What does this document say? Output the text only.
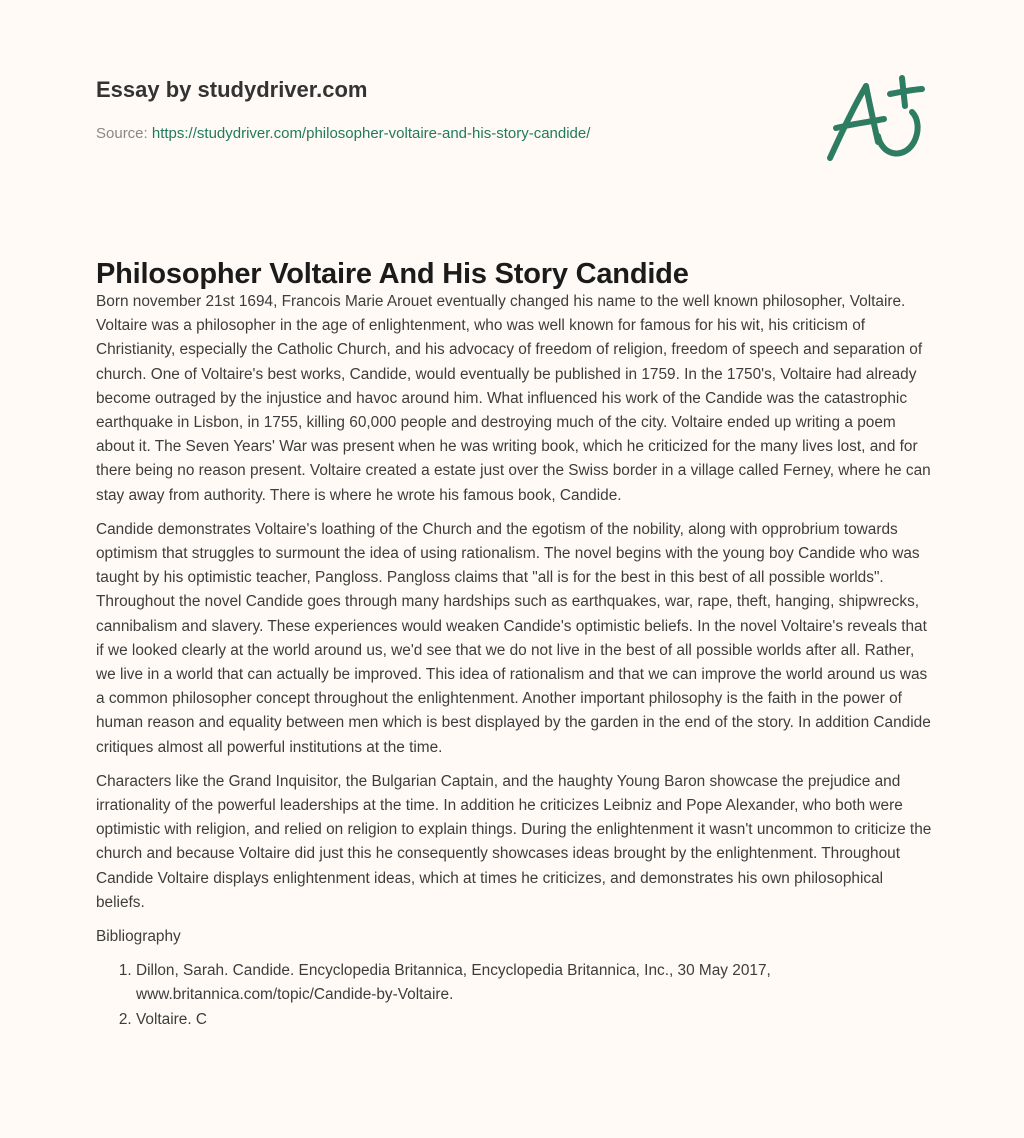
Essay by studydriver.com
Source: https://studydriver.com/philosopher-voltaire-and-his-story-candide/
Philosopher Voltaire And His Story Candide

Born november 21st 1694, Francois Marie Arouet eventually changed his name to the well known philosopher, Voltaire. Voltaire was a philosopher in the age of enlightenment, who was well known for famous for his wit, his criticism of Christianity, especially the Catholic Church, and his advocacy of freedom of religion, freedom of speech and separation of church. One of Voltaire's best works, Candide, would eventually be published in 1759. In the 1750's, Voltaire had already become outraged by the injustice and havoc around him. What influenced his work of the Candide was the catastrophic earthquake in Lisbon, in 1755, killing 60,000 people and destroying much of the city. Voltaire ended up writing a poem about it. The Seven Years' War was present when he was writing book, which he criticized for the many lives lost, and for there being no reason present. Voltaire created a estate just over the Swiss border in a village called Ferney, where he can stay away from authority. There is where he wrote his famous book, Candide.

Candide demonstrates Voltaire's loathing of the Church and the egotism of the nobility, along with opprobrium towards optimism that struggles to surmount the idea of using rationalism. The novel begins with the young boy Candide who was taught by his optimistic teacher, Pangloss. Pangloss claims that "all is for the best in this best of all possible worlds". Throughout the novel Candide goes through many hardships such as earthquakes, war, rape, theft, hanging, shipwrecks, cannibalism and slavery. These experiences would weaken Candide's optimistic beliefs. In the novel Voltaire's reveals that if we looked clearly at the world around us, we'd see that we do not live in the best of all possible worlds after all. Rather, we live in a world that can actually be improved. This idea of rationalism and that we can improve the world around us was a common philosopher concept throughout the enlightenment. Another important philosophy is the faith in the power of human reason and equality between men which is best displayed by the garden in the end of the story. In addition Candide critiques almost all powerful institutions at the time.

Characters like the Grand Inquisitor, the Bulgarian Captain, and the haughty Young Baron showcase the prejudice and irrationality of the powerful leaderships at the time. In addition he criticizes Leibniz and Pope Alexander, who both were optimistic with religion, and relied on religion to explain things. During the enlightenment it wasn't uncommon to criticize the church and because Voltaire did just this he consequently showcases ideas brought by the enlightenment. Throughout Candide Voltaire displays enlightenment ideas, which at times he criticizes, and demonstrates his own philosophical beliefs.

Bibliography

1. Dillon, Sarah. Candide. Encyclopedia Britannica, Encyclopedia Britannica, Inc., 30 May 2017, www.britannica.com/topic/Candide-by-Voltaire.
2. Voltaire. C
